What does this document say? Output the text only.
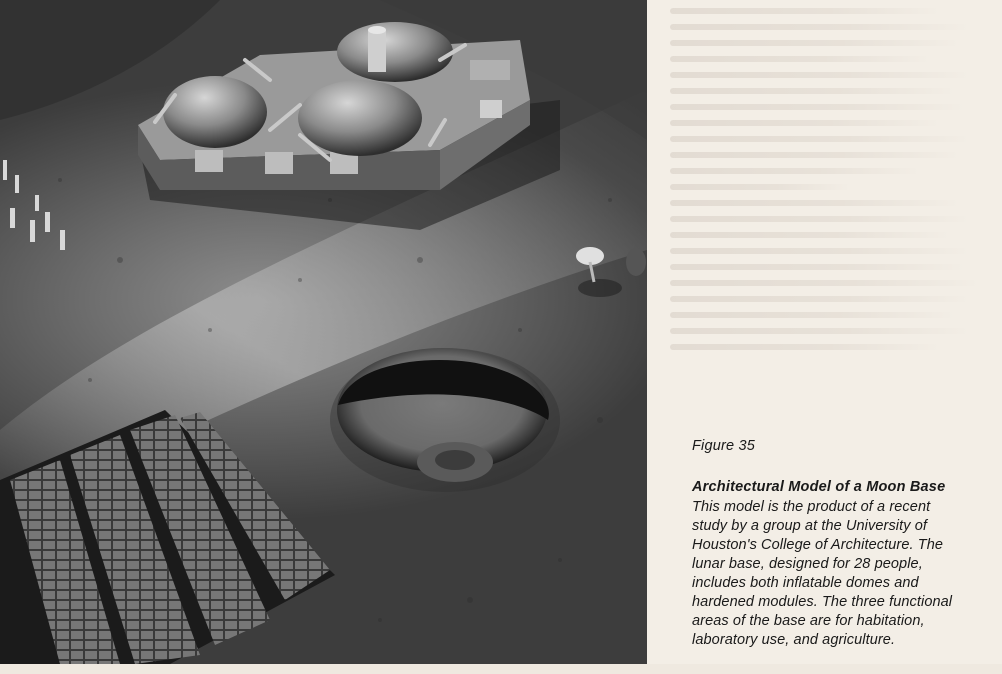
Figure 35

Architectural Model of a Moon Base

This model is the product of a recent
study by a group at the University of
Houston's College of Architecture. The
lunar base, designed for 28 people,
includes both inflatable domes and
hardened modules. The three functional
areas of the base are for habitation,
laboratory use, and agriculture.
